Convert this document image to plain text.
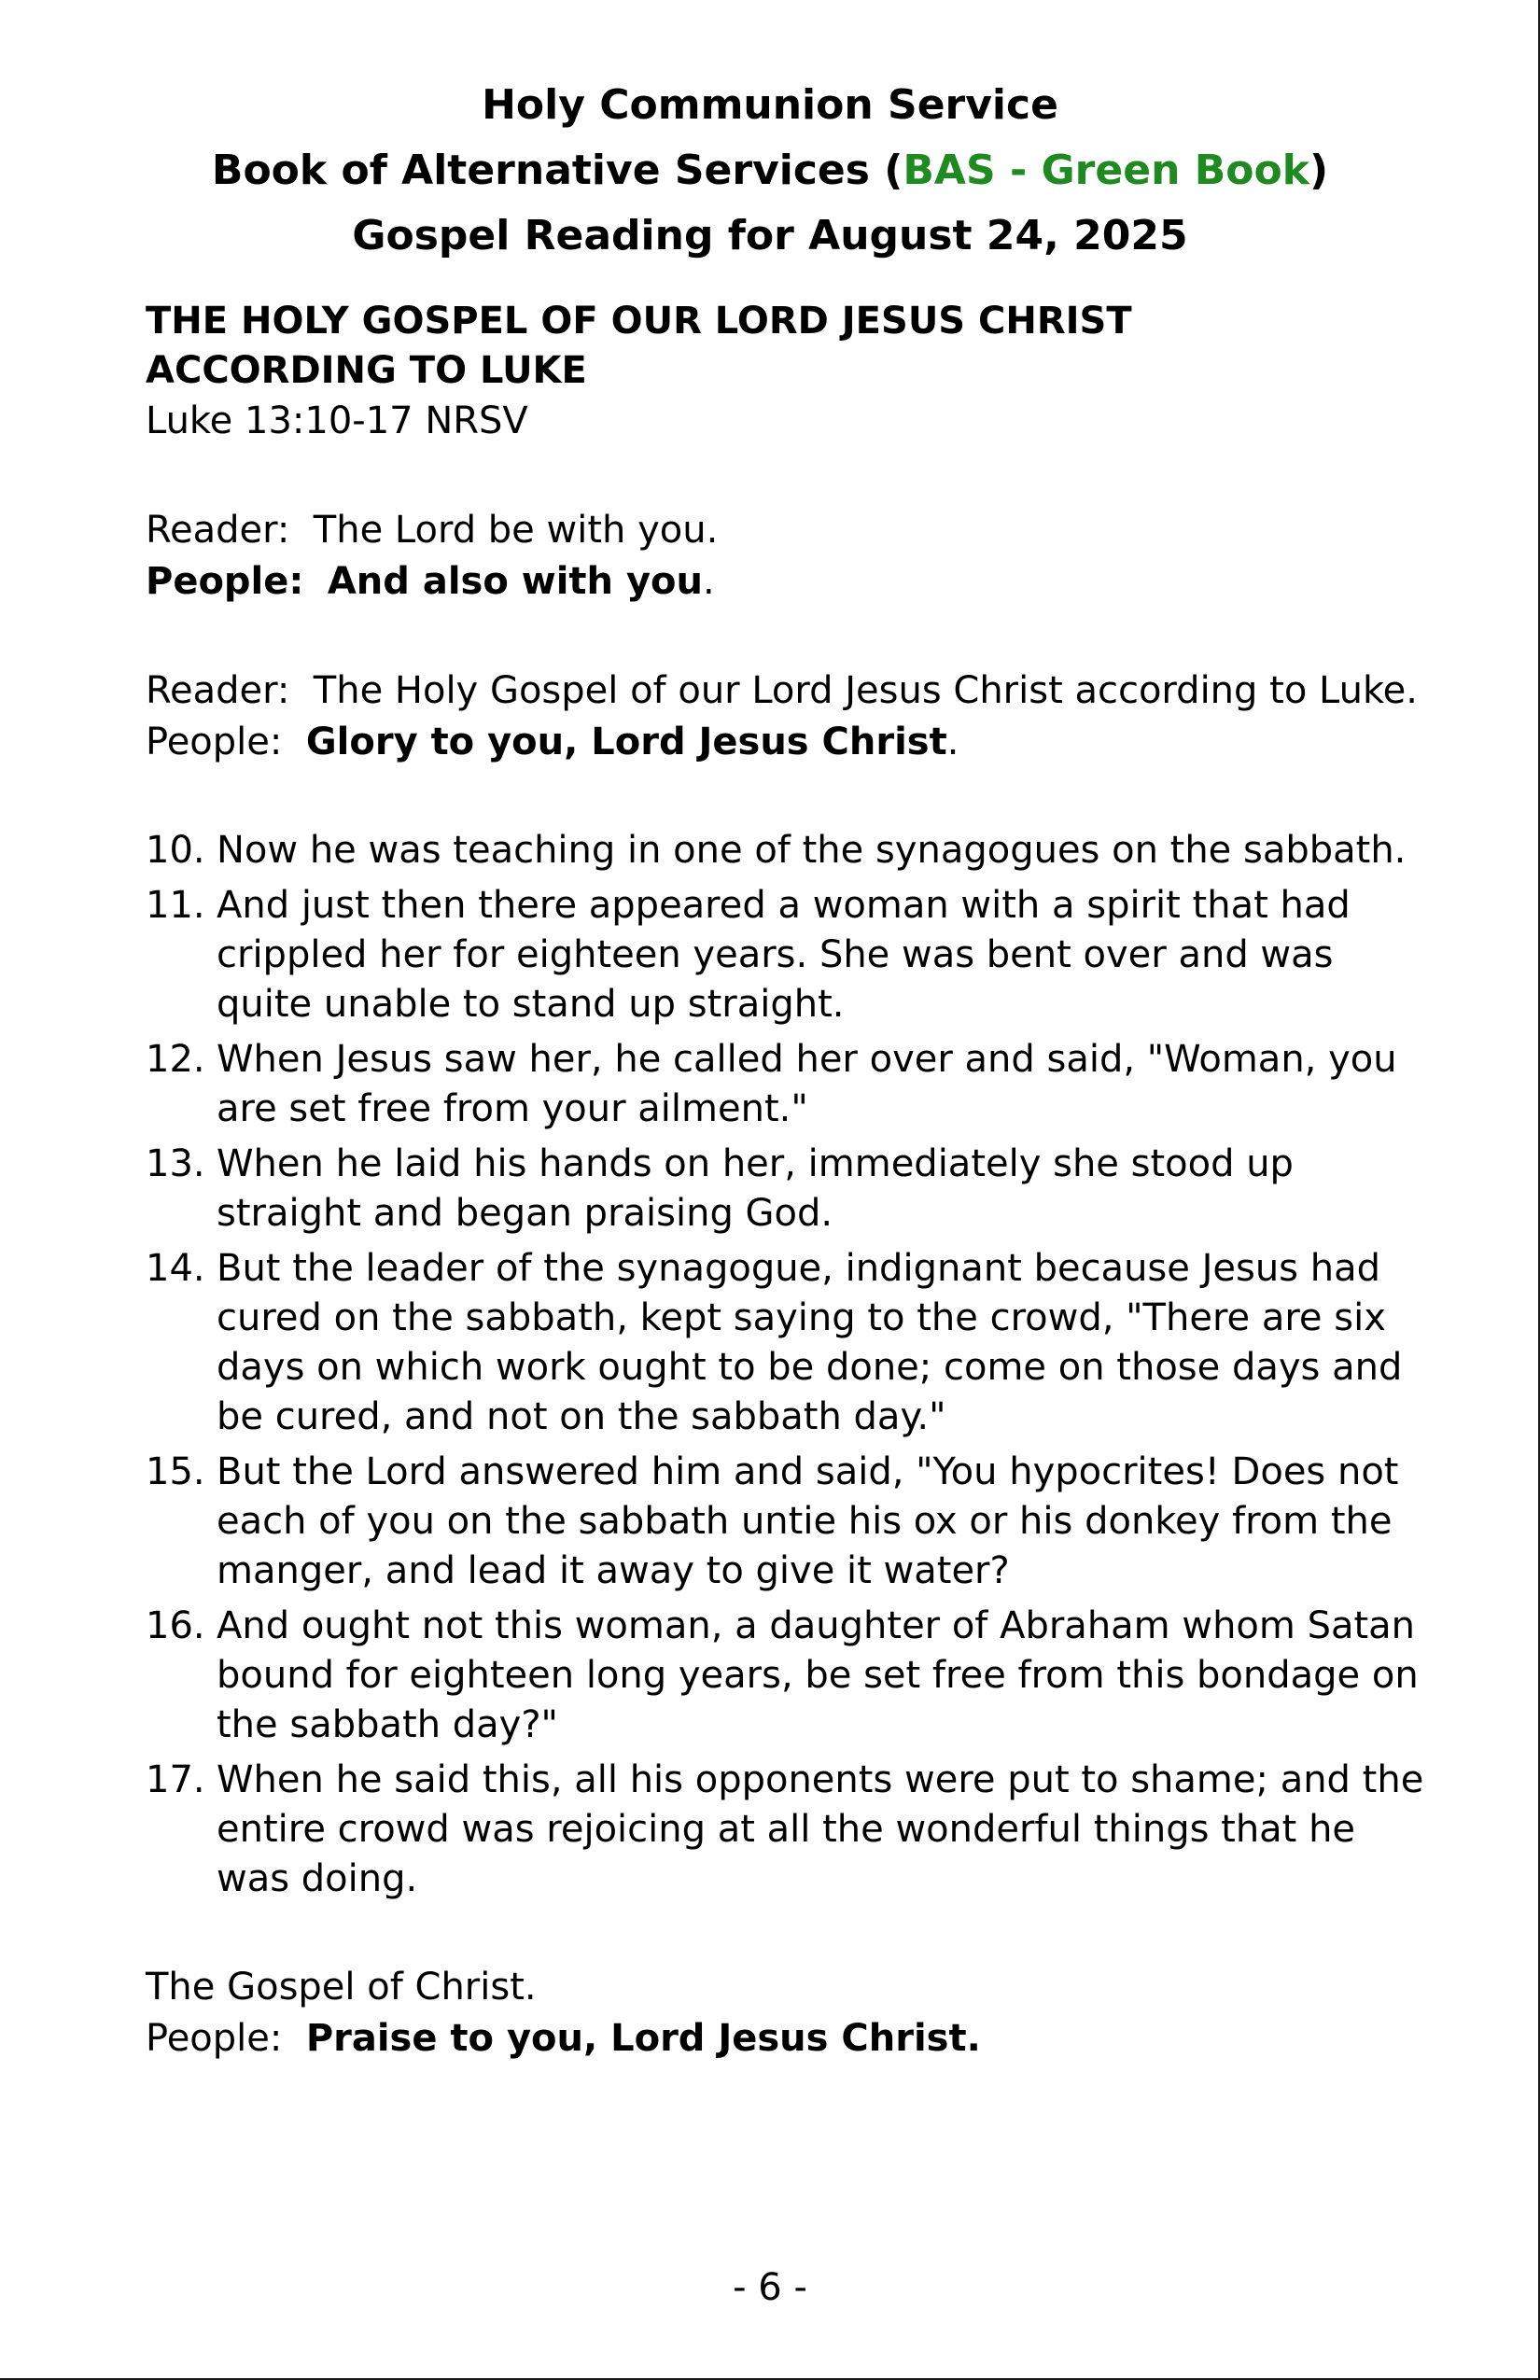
Holy Communion Service
Book of Alternative Services (BAS - Green Book)
Gospel Reading for August 24, 2025
THE HOLY GOSPEL OF OUR LORD JESUS CHRIST
ACCORDING TO LUKE
Luke 13:10-17 NRSV
Reader: The Lord be with you.
People: And also with you.
Reader: The Holy Gospel of our Lord Jesus Christ according to Luke.
People: Glory to you, Lord Jesus Christ.
10. Now he was teaching in one of the synagogues on the sabbath.
11. And just then there appeared a woman with a spirit that had crippled her for eighteen years. She was bent over and was quite unable to stand up straight.
12. When Jesus saw her, he called her over and said, "Woman, you are set free from your ailment."
13. When he laid his hands on her, immediately she stood up straight and began praising God.
14. But the leader of the synagogue, indignant because Jesus had cured on the sabbath, kept saying to the crowd, "There are six days on which work ought to be done; come on those days and be cured, and not on the sabbath day."
15. But the Lord answered him and said, "You hypocrites! Does not each of you on the sabbath untie his ox or his donkey from the manger, and lead it away to give it water?
16. And ought not this woman, a daughter of Abraham whom Satan bound for eighteen long years, be set free from this bondage on the sabbath day?"
17. When he said this, all his opponents were put to shame; and the entire crowd was rejoicing at all the wonderful things that he was doing.
The Gospel of Christ.
People: Praise to you, Lord Jesus Christ.
- 6 -
